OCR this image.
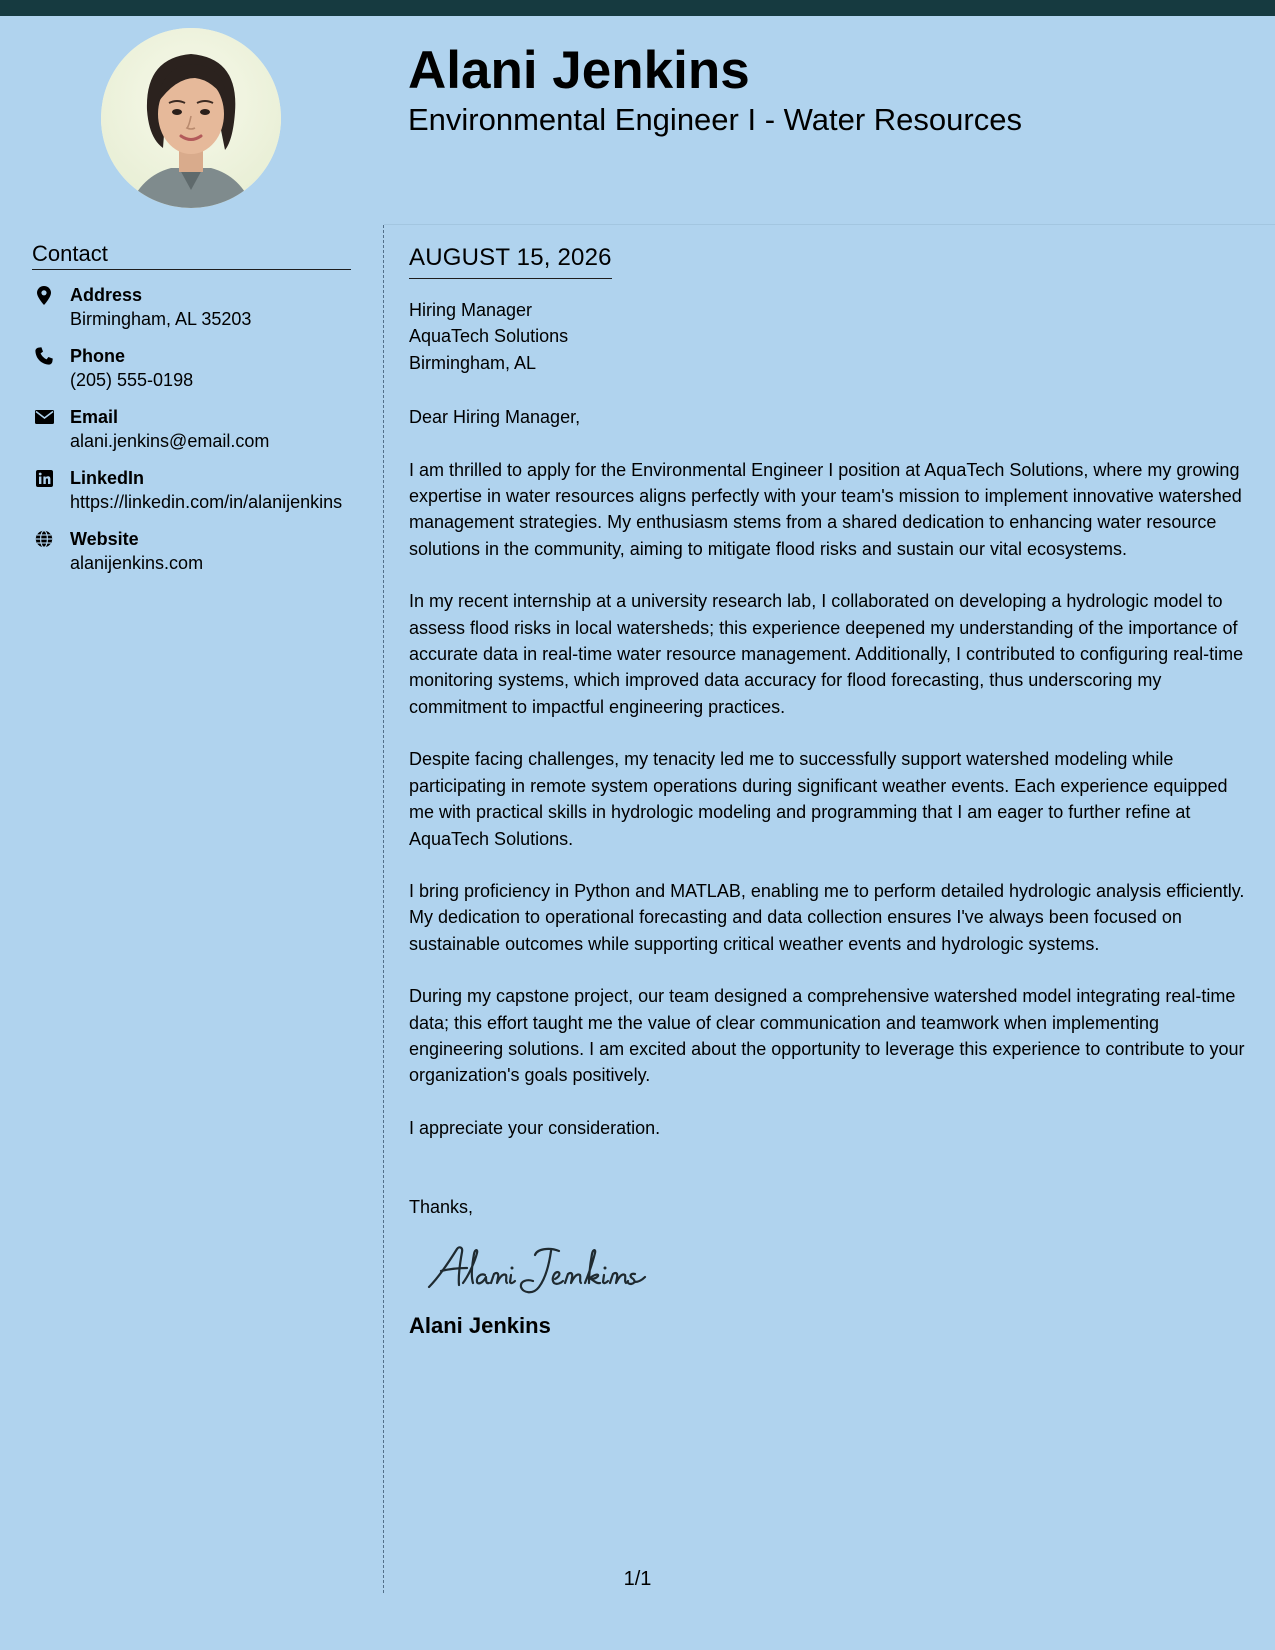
Alani Jenkins
Environmental Engineer I - Water Resources
Contact
Address
Birmingham, AL 35203
Phone
(205) 555-0198
Email
alani.jenkins@email.com
LinkedIn
https://linkedin.com/in/alanijenkins
Website
alanijenkins.com
AUGUST 15, 2026
Hiring Manager
AquaTech Solutions
Birmingham, AL
Dear Hiring Manager,

I am thrilled to apply for the Environmental Engineer I position at AquaTech Solutions, where my growing expertise in water resources aligns perfectly with your team's mission to implement innovative watershed management strategies. My enthusiasm stems from a shared dedication to enhancing water resource solutions in the community, aiming to mitigate flood risks and sustain our vital ecosystems.

In my recent internship at a university research lab, I collaborated on developing a hydrologic model to assess flood risks in local watersheds; this experience deepened my understanding of the importance of accurate data in real-time water resource management. Additionally, I contributed to configuring real-time monitoring systems, which improved data accuracy for flood forecasting, thus underscoring my commitment to impactful engineering practices.

Despite facing challenges, my tenacity led me to successfully support watershed modeling while participating in remote system operations during significant weather events. Each experience equipped me with practical skills in hydrologic modeling and programming that I am eager to further refine at AquaTech Solutions.

I bring proficiency in Python and MATLAB, enabling me to perform detailed hydrologic analysis efficiently. My dedication to operational forecasting and data collection ensures I've always been focused on sustainable outcomes while supporting critical weather events and hydrologic systems.

During my capstone project, our team designed a comprehensive watershed model integrating real-time data; this effort taught me the value of clear communication and teamwork when implementing engineering solutions. I am excited about the opportunity to leverage this experience to contribute to your organization's goals positively.

I appreciate your consideration.

Thanks,
Alani Jenkins
1/1
